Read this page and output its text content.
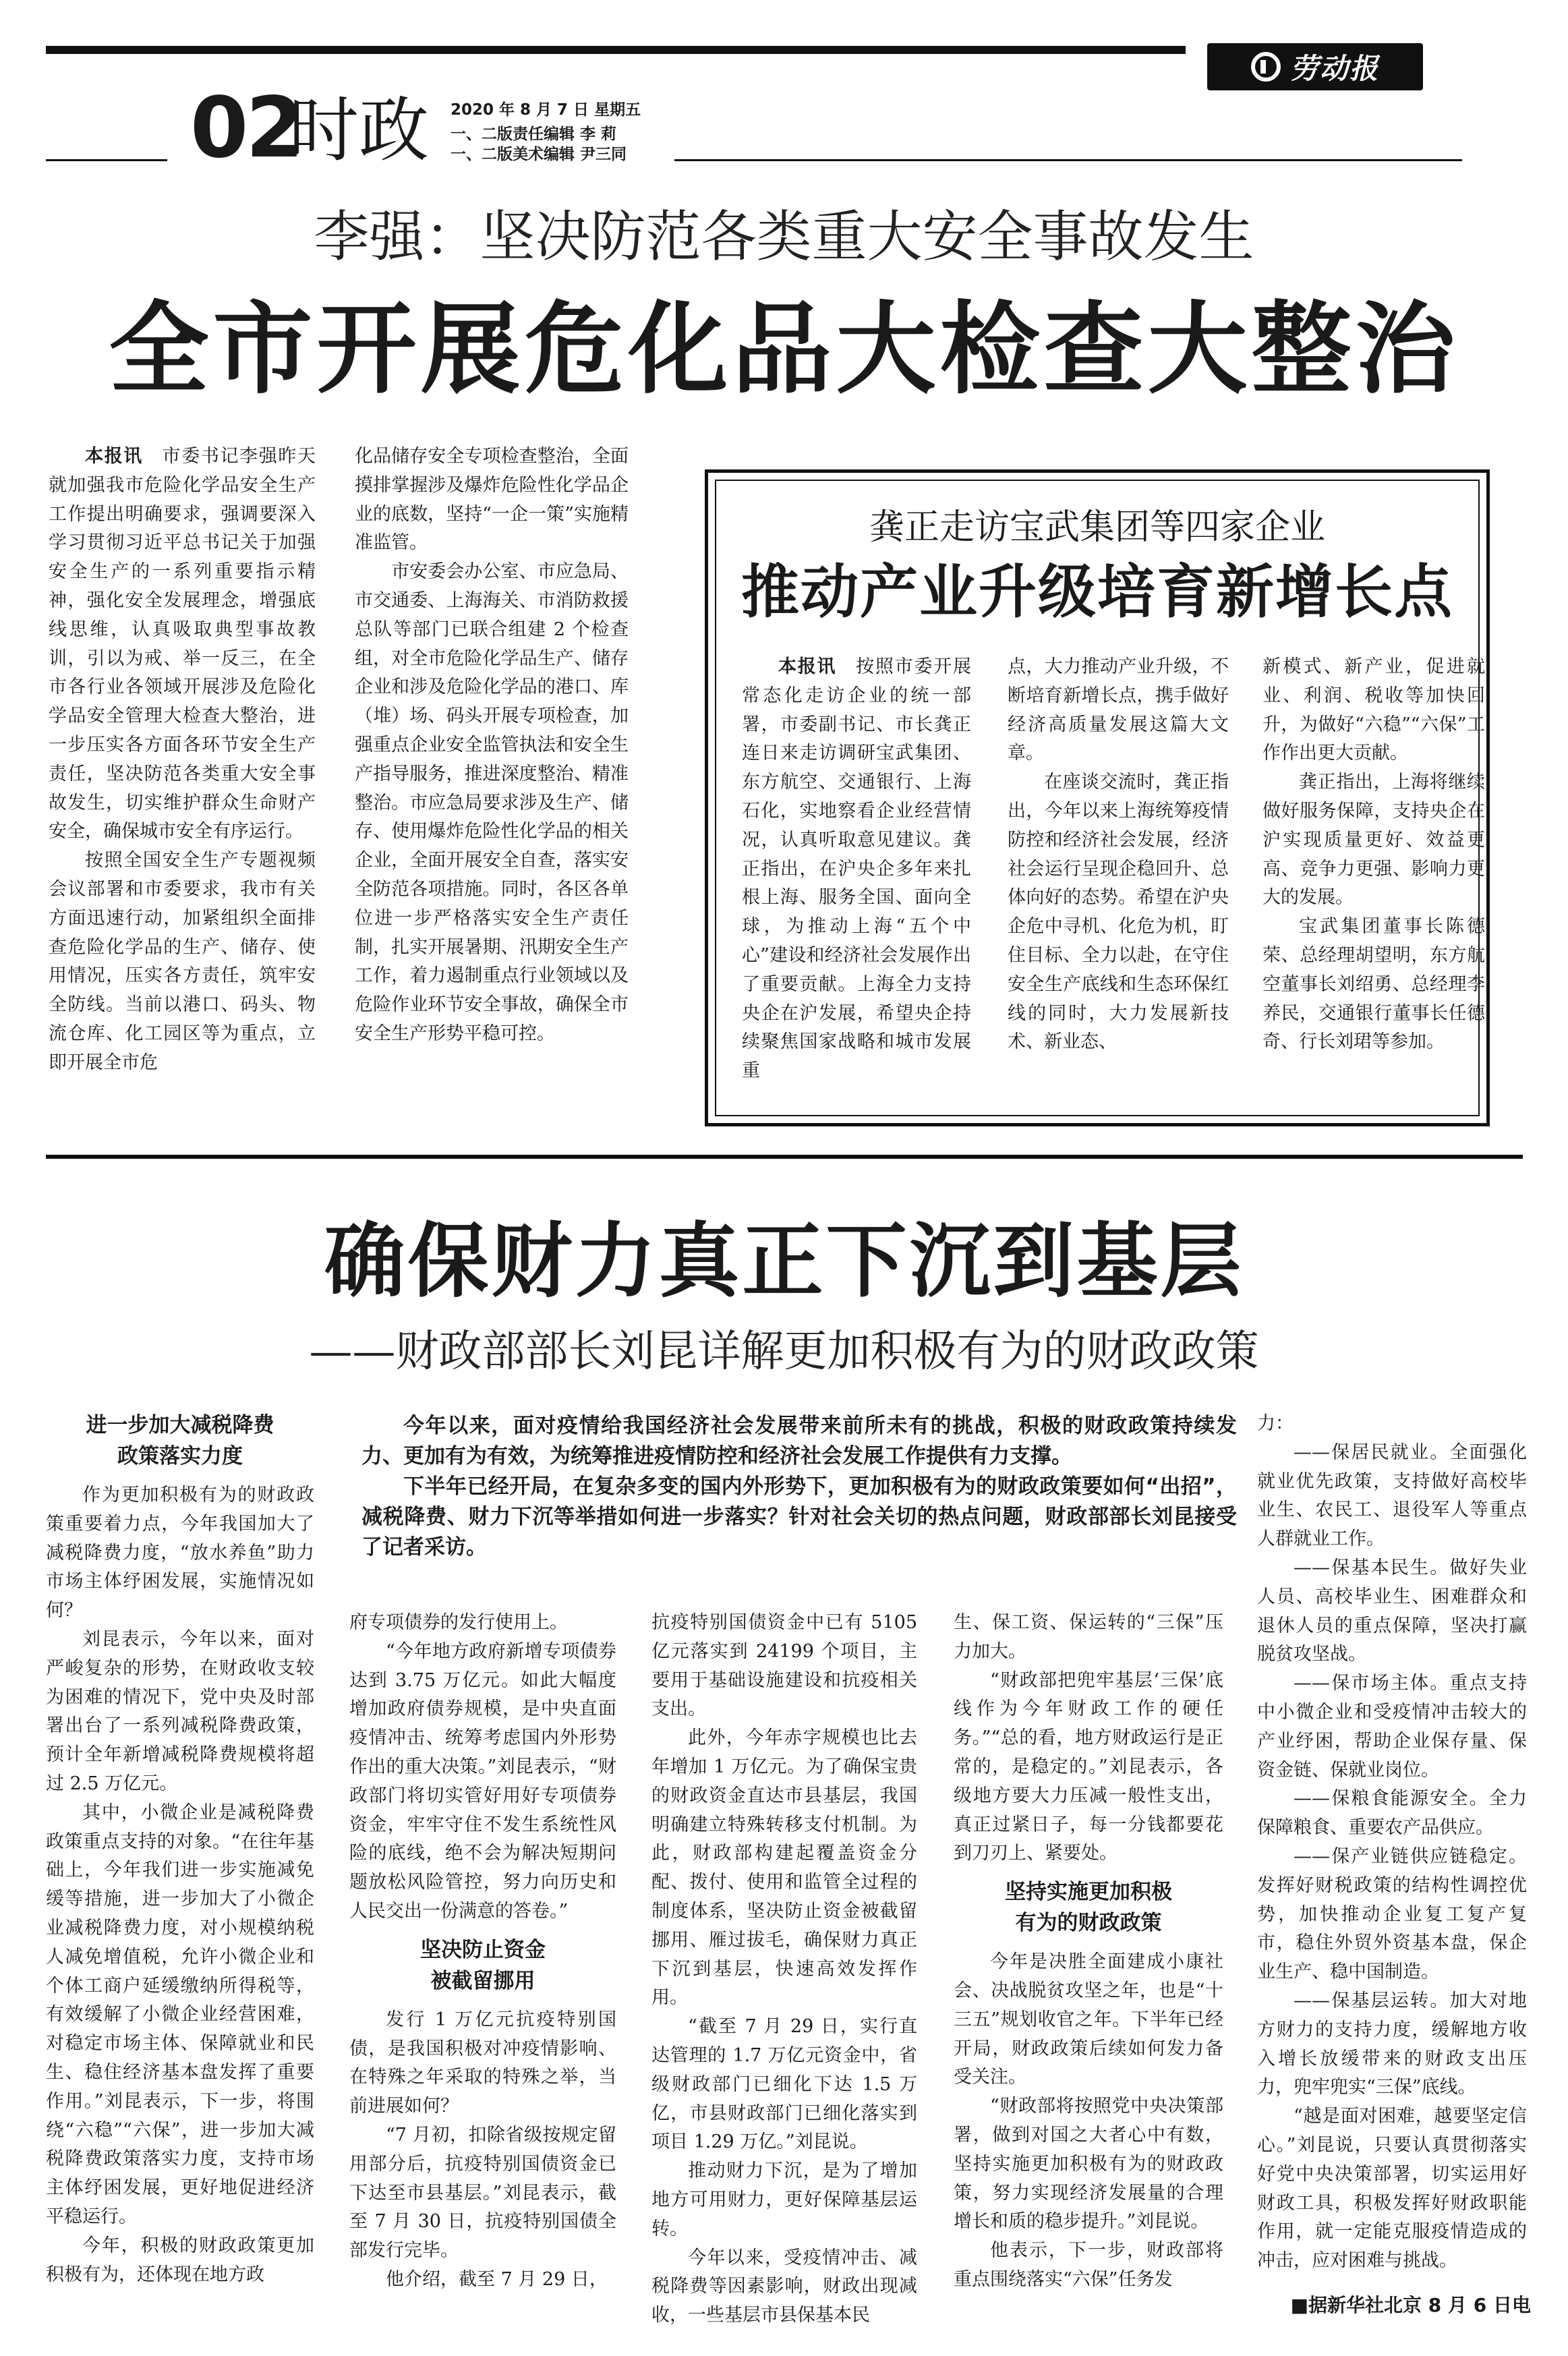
劳动报
02
时政 2020 年 8 月 7 日 星期五
一、二版责任编辑 李 莉
一、二版美术编辑 尹三同
李强：坚决防范各类重大安全事故发生
全市开展危化品大检查大整治

本报讯  市委书记李强昨天就加强我市危险化学品安全生产工作提出明确要求，强调要深入学习贯彻习近平总书记关于加强安全生产的一系列重要指示精神，强化安全发展理念，增强底线思维，认真吸取典型事故教训，引以为戒、举一反三，在全市各行业各领域开展涉及危险化学品安全管理大检查大整治，进一步压实各方面各环节安全生产责任，坚决防范各类重大安全事故发生，切实维护群众生命财产安全，确保城市安全有序运行。

按照全国安全生产专题视频会议部署和市委要求，我市有关方面迅速行动，加紧组织全面排查危险化学品的生产、储存、使用情况，压实各方责任，筑牢安全防线。当前以港口、码头、物流仓库、化工园区等为重点，立即开展全市危

化品储存安全专项检查整治，全面摸排掌握涉及爆炸危险性化学品企业的底数，坚持“一企一策”实施精准监管。

市安委会办公室、市应急局、市交通委、上海海关、市消防救援总队等部门已联合组建 2 个检查组，对全市危险化学品生产、储存企业和涉及危险化学品的港口、库（堆）场、码头开展专项检查，加强重点企业安全监管执法和安全生产指导服务，推进深度整治、精准整治。市应急局要求涉及生产、储存、使用爆炸危险性化学品的相关企业，全面开展安全自查，落实安全防范各项措施。同时，各区各单位进一步严格落实安全生产责任制，扎实开展暑期、汛期安全生产工作，着力遏制重点行业领域以及危险作业环节安全事故，确保全市安全生产形势平稳可控。

龚正走访宝武集团等四家企业
推动产业升级培育新增长点

本报讯  按照市委开展常态化走访企业的统一部署，市委副书记、市长龚正连日来走访调研宝武集团、东方航空、交通银行、上海石化，实地察看企业经营情况，认真听取意见建议。龚正指出，在沪央企多年来扎根上海、服务全国、面向全球，为推动上海“五个中心”建设和经济社会发展作出了重要贡献。上海全力支持央企在沪发展，希望央企持续聚焦国家战略和城市发展重

点，大力推动产业升级，不断培育新增长点，携手做好经济高质量发展这篇大文章。

在座谈交流时，龚正指出，今年以来上海统筹疫情防控和经济社会发展，经济社会运行呈现企稳回升、总体向好的态势。希望在沪央企危中寻机、化危为机，盯住目标、全力以赴，在守住安全生产底线和生态环保红线的同时，大力发展新技术、新业态、

新模式、新产业，促进就业、利润、税收等加快回升，为做好“六稳”“六保”工作作出更大贡献。

龚正指出，上海将继续做好服务保障，支持央企在沪实现质量更好、效益更高、竞争力更强、影响力更大的发展。

宝武集团董事长陈德荣、总经理胡望明，东方航空董事长刘绍勇、总经理李养民，交通银行董事长任德奇、行长刘珺等参加。

确保财力真正下沉到基层
——财政部部长刘昆详解更加积极有为的财政政策

今年以来，面对疫情给我国经济社会发展带来前所未有的挑战，积极的财政政策持续发力、更加有为有效，为统筹推进疫情防控和经济社会发展工作提供有力支撑。

下半年已经开局，在复杂多变的国内外形势下，更加积极有为的财政政策要如何“出招”，减税降费、财力下沉等举措如何进一步落实？针对社会关切的热点问题，财政部部长刘昆接受了记者采访。

进一步加大减税降费
政策落实力度

作为更加积极有为的财政政策重要着力点，今年我国加大了减税降费力度，“放水养鱼”助力市场主体纾困发展，实施情况如何？

刘昆表示，今年以来，面对严峻复杂的形势，在财政收支较为困难的情况下，党中央及时部署出台了一系列减税降费政策，预计全年新增减税降费规模将超过 2.5 万亿元。

其中，小微企业是减税降费政策重点支持的对象。“在往年基础上，今年我们进一步实施减免缓等措施，进一步加大了小微企业减税降费力度，对小规模纳税人减免增值税，允许小微企业和个体工商户延缓缴纳所得税等，有效缓解了小微企业经营困难，对稳定市场主体、保障就业和民生、稳住经济基本盘发挥了重要作用。”刘昆表示，下一步，将围绕“六稳”“六保”，进一步加大减税降费政策落实力度，支持市场主体纾困发展，更好地促进经济平稳运行。

今年，积极的财政政策更加积极有为，还体现在地方政

府专项债券的发行使用上。

“今年地方政府新增专项债券达到 3.75 万亿元。如此大幅度增加政府债券规模，是中央直面疫情冲击、统筹考虑国内外形势作出的重大决策。”刘昆表示，“财政部门将切实管好用好专项债券资金，牢牢守住不发生系统性风险的底线，绝不会为解决短期问题放松风险管控，努力向历史和人民交出一份满意的答卷。”

坚决防止资金
被截留挪用

发行 1 万亿元抗疫特别国债，是我国积极对冲疫情影响、在特殊之年采取的特殊之举，当前进展如何？

“7 月初，扣除省级按规定留用部分后，抗疫特别国债资金已下达至市县基层。”刘昆表示，截至 7 月 30 日，抗疫特别国债全部发行完毕。

他介绍，截至 7 月 29 日，

抗疫特别国债资金中已有 5105 亿元落实到 24199 个项目，主要用于基础设施建设和抗疫相关支出。

此外，今年赤字规模也比去年增加 1 万亿元。为了确保宝贵的财政资金直达市县基层，我国明确建立特殊转移支付机制。为此，财政部构建起覆盖资金分配、拨付、使用和监管全过程的制度体系，坚决防止资金被截留挪用、雁过拔毛，确保财力真正下沉到基层，快速高效发挥作用。

“截至 7 月 29 日，实行直达管理的 1.7 万亿元资金中，省级财政部门已细化下达 1.5 万亿，市县财政部门已细化落实到项目 1.29 万亿。”刘昆说。

推动财力下沉，是为了增加地方可用财力，更好保障基层运转。

今年以来，受疫情冲击、减税降费等因素影响，财政出现减收，一些基层市县保基本民

生、保工资、保运转的“三保”压力加大。

“财政部把兜牢基层‘三保’底线作为今年财政工作的硬任务。”“总的看，地方财政运行是正常的，是稳定的。”刘昆表示，各级地方要大力压减一般性支出，真正过紧日子，每一分钱都要花到刀刃上、紧要处。

坚持实施更加积极
有为的财政政策

今年是决胜全面建成小康社会、决战脱贫攻坚之年，也是“十三五”规划收官之年。下半年已经开局，财政政策后续如何发力备受关注。

“财政部将按照党中央决策部署，做到对国之大者心中有数，坚持实施更加积极有为的财政政策，努力实现经济发展量的合理增长和质的稳步提升。”刘昆说。

他表示，下一步，财政部将重点围绕落实“六保”任务发

力：

——保居民就业。全面强化就业优先政策，支持做好高校毕业生、农民工、退役军人等重点人群就业工作。

——保基本民生。做好失业人员、高校毕业生、困难群众和退休人员的重点保障，坚决打赢脱贫攻坚战。

——保市场主体。重点支持中小微企业和受疫情冲击较大的产业纾困，帮助企业保存量、保资金链、保就业岗位。

——保粮食能源安全。全力保障粮食、重要农产品供应。

——保产业链供应链稳定。发挥好财税政策的结构性调控优势，加快推动企业复工复产复市，稳住外贸外资基本盘，保企业生产、稳中国制造。

——保基层运转。加大对地方财力的支持力度，缓解地方收入增长放缓带来的财政支出压力，兜牢兜实“三保”底线。

“越是面对困难，越要坚定信心。”刘昆说，只要认真贯彻落实好党中央决策部署，切实运用好财政工具，积极发挥好财政职能作用，就一定能克服疫情造成的冲击，应对困难与挑战。

■据新华社北京 8 月 6 日电
